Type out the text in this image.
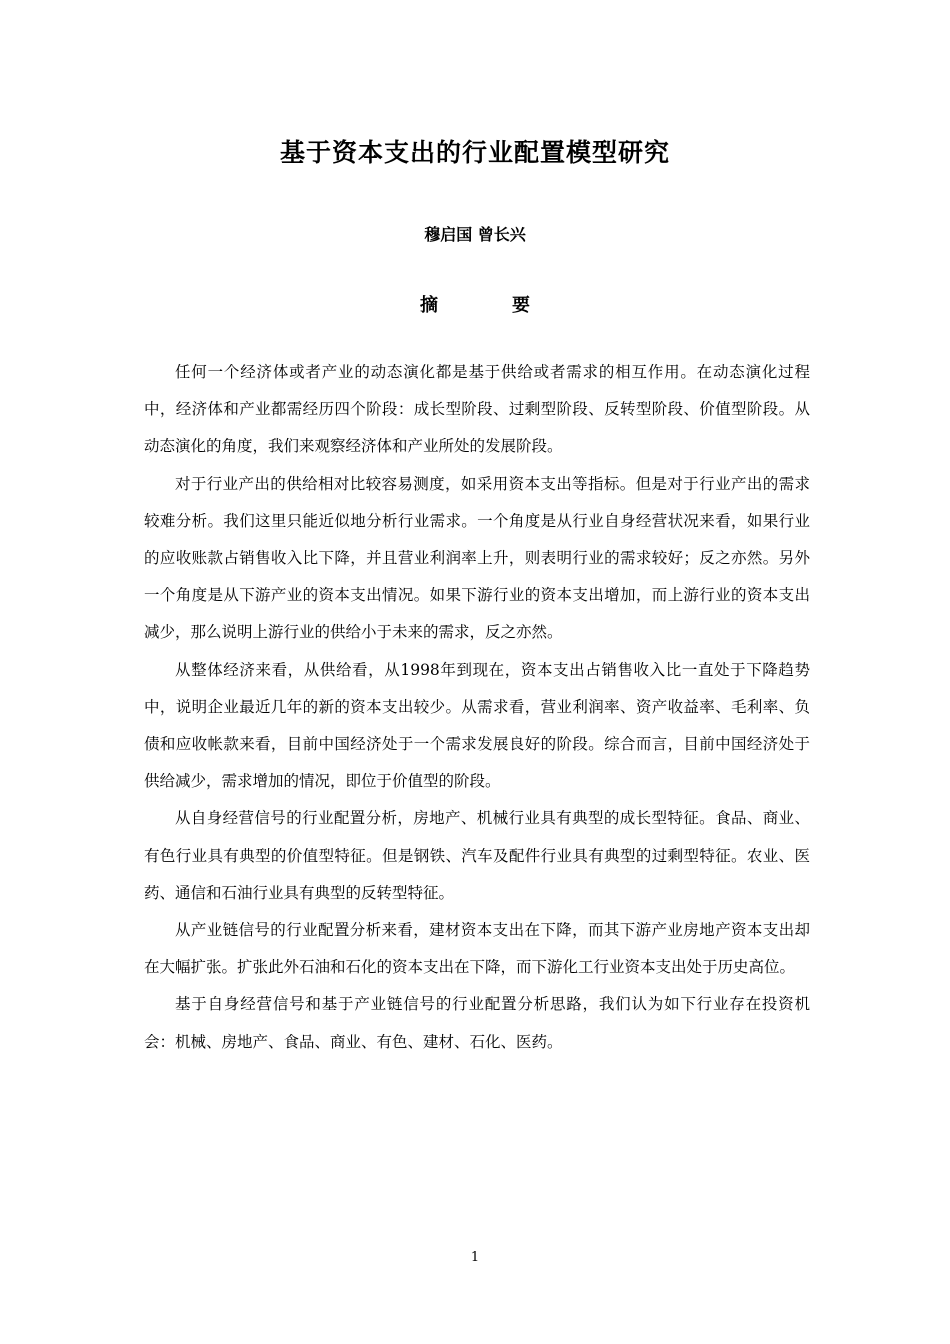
基于资本支出的行业配置模型研究
穆启国 曾长兴
摘	要

任何一个经济体或者产业的动态演化都是基于供给或者需求的相互作用。在动态演化过程中，经济体和产业都需经历四个阶段：成长型阶段、过剩型阶段、反转型阶段、价值型阶段。从动态演化的角度，我们来观察经济体和产业所处的发展阶段。

对于行业产出的供给相对比较容易测度，如采用资本支出等指标。但是对于行业产出的需求较难分析。我们这里只能近似地分析行业需求。一个角度是从行业自身经营状况来看，如果行业的应收账款占销售收入比下降，并且营业利润率上升，则表明行业的需求较好；反之亦然。另外一个角度是从下游产业的资本支出情况。如果下游行业的资本支出增加，而上游行业的资本支出减少，那么说明上游行业的供给小于未来的需求，反之亦然。

从整体经济来看，从供给看，从1998年到现在，资本支出占销售收入比一直处于下降趋势中，说明企业最近几年的新的资本支出较少。从需求看，营业利润率、资产收益率、毛利率、负债和应收帐款来看，目前中国经济处于一个需求发展良好的阶段。综合而言，目前中国经济处于供给减少，需求增加的情况，即位于价值型的阶段。

从自身经营信号的行业配置分析，房地产、机械行业具有典型的成长型特征。食品、商业、有色行业具有典型的价值型特征。但是钢铁、汽车及配件行业具有典型的过剩型特征。农业、医药、通信和石油行业具有典型的反转型特征。

从产业链信号的行业配置分析来看，建材资本支出在下降，而其下游产业房地产资本支出却在大幅扩张。扩张此外石油和石化的资本支出在下降，而下游化工行业资本支出处于历史高位。

基于自身经营信号和基于产业链信号的行业配置分析思路，我们认为如下行业存在投资机会：机械、房地产、食品、商业、有色、建材、石化、医药。

1
